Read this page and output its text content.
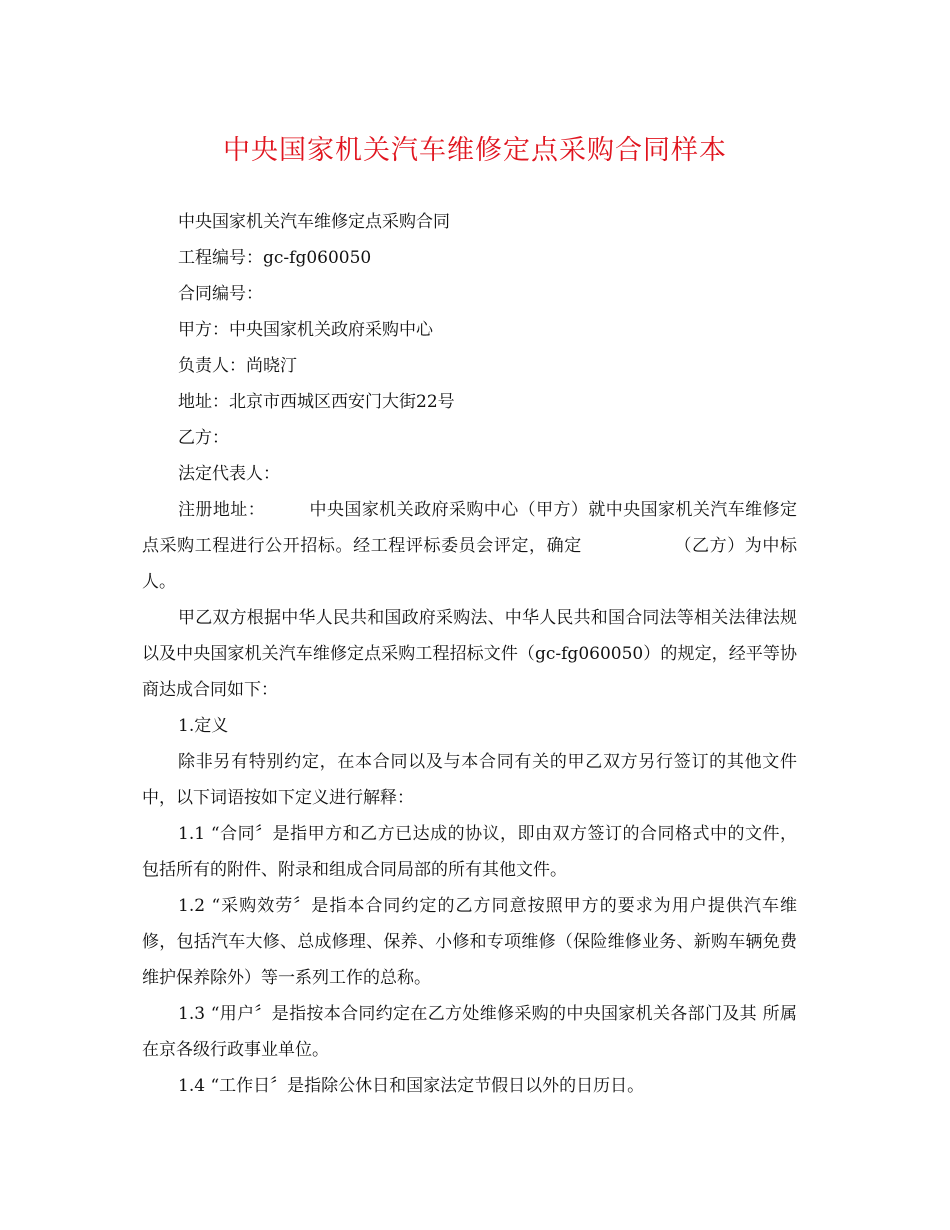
中央国家机关汽车维修定点采购合同样本

中央国家机关汽车维修定点采购合同

工程编号：gc-fg060050

合同编号：

甲方：中央国家机关政府采购中心

负责人：尚晓汀

地址：北京市西城区西安门大街22号

乙方：

法定代表人：

注册地址：	中央国家机关政府采购中心（甲方）就中央国家机关汽车维修定点采购工程进行公开招标。经工程评标委员会评定，确定	（乙方）为中标人。

甲乙双方根据中华人民共和国政府采购法、中华人民共和国合同法等相关法律法规以及中央国家机关汽车维修定点采购工程招标文件（gc-fg060050）的规定，经平等协商达成合同如下：

1.定义

除非另有特别约定，在本合同以及与本合同有关的甲乙双方另行签订的其他文件中，以下词语按如下定义进行解释：

1.1 “合同〞是指甲方和乙方已达成的协议，即由双方签订的合同格式中的文件，包括所有的附件、附录和组成合同局部的所有其他文件。

1.2 “采购效劳〞是指本合同约定的乙方同意按照甲方的要求为用户提供汽车维修，包括汽车大修、总成修理、保养、小修和专项维修（保险维修业务、新购车辆免费维护保养除外）等一系列工作的总称。

1.3 “用户〞是指按本合同约定在乙方处维修采购的中央国家机关各部门及其 所属在京各级行政事业单位。

1.4 “工作日〞是指除公休日和国家法定节假日以外的日历日。
